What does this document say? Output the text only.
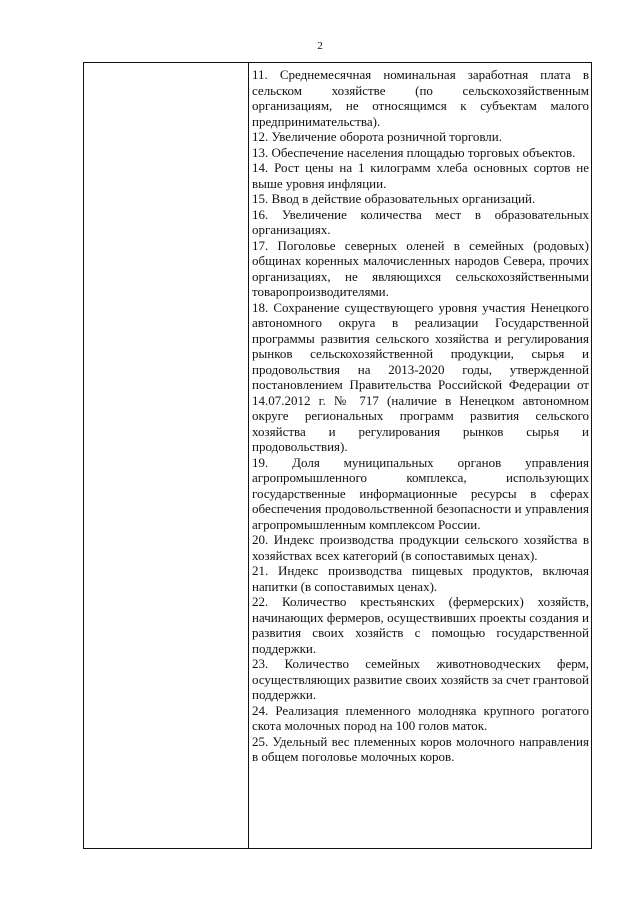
2

11. Среднемесячная номинальная заработная плата в сельском хозяйстве (по сельскохозяйственным организациям, не относящимся к субъектам малого предпринимательства).

12. Увеличение оборота розничной торговли.

13. Обеспечение населения площадью торговых объектов.

14. Рост цены на 1 килограмм хлеба основных сортов не выше уровня инфляции.

15. Ввод в действие образовательных организаций.

16. Увеличение количества мест в образовательных организациях.

17. Поголовье северных оленей в семейных (родовых) общинах коренных малочисленных народов Севера, прочих организациях, не являющихся сельскохозяйственными товаропроизводителями.

18. Сохранение существующего уровня участия Ненецкого автономного округа в реализации Государственной программы развития сельского хозяйства и регулирования рынков сельскохозяйственной продукции, сырья и продовольствия на 2013-2020 годы, утвержденной постановлением Правительства Российской Федерации от 14.07.2012 г. № 717 (наличие в Ненецком автономном округе региональных программ развития сельского хозяйства и регулирования рынков сырья и продовольствия).

19. Доля муниципальных органов управления агропромышленного комплекса, использующих государственные информационные ресурсы в сферах обеспечения продовольственной безопасности и управления агропромышленным комплексом России.

20. Индекс производства продукции сельского хозяйства в хозяйствах всех категорий (в сопоставимых ценах).

21. Индекс производства пищевых продуктов, включая напитки (в сопоставимых ценах).

22. Количество крестьянских (фермерских) хозяйств, начинающих фермеров, осуществивших проекты создания и развития своих хозяйств с помощью государственной поддержки.

23. Количество семейных животноводческих ферм, осуществляющих развитие своих хозяйств за счет грантовой поддержки.

24. Реализация племенного молодняка крупного рогатого скота молочных пород на 100 голов маток.

25. Удельный вес племенных коров молочного направления в общем поголовье молочных коров.
